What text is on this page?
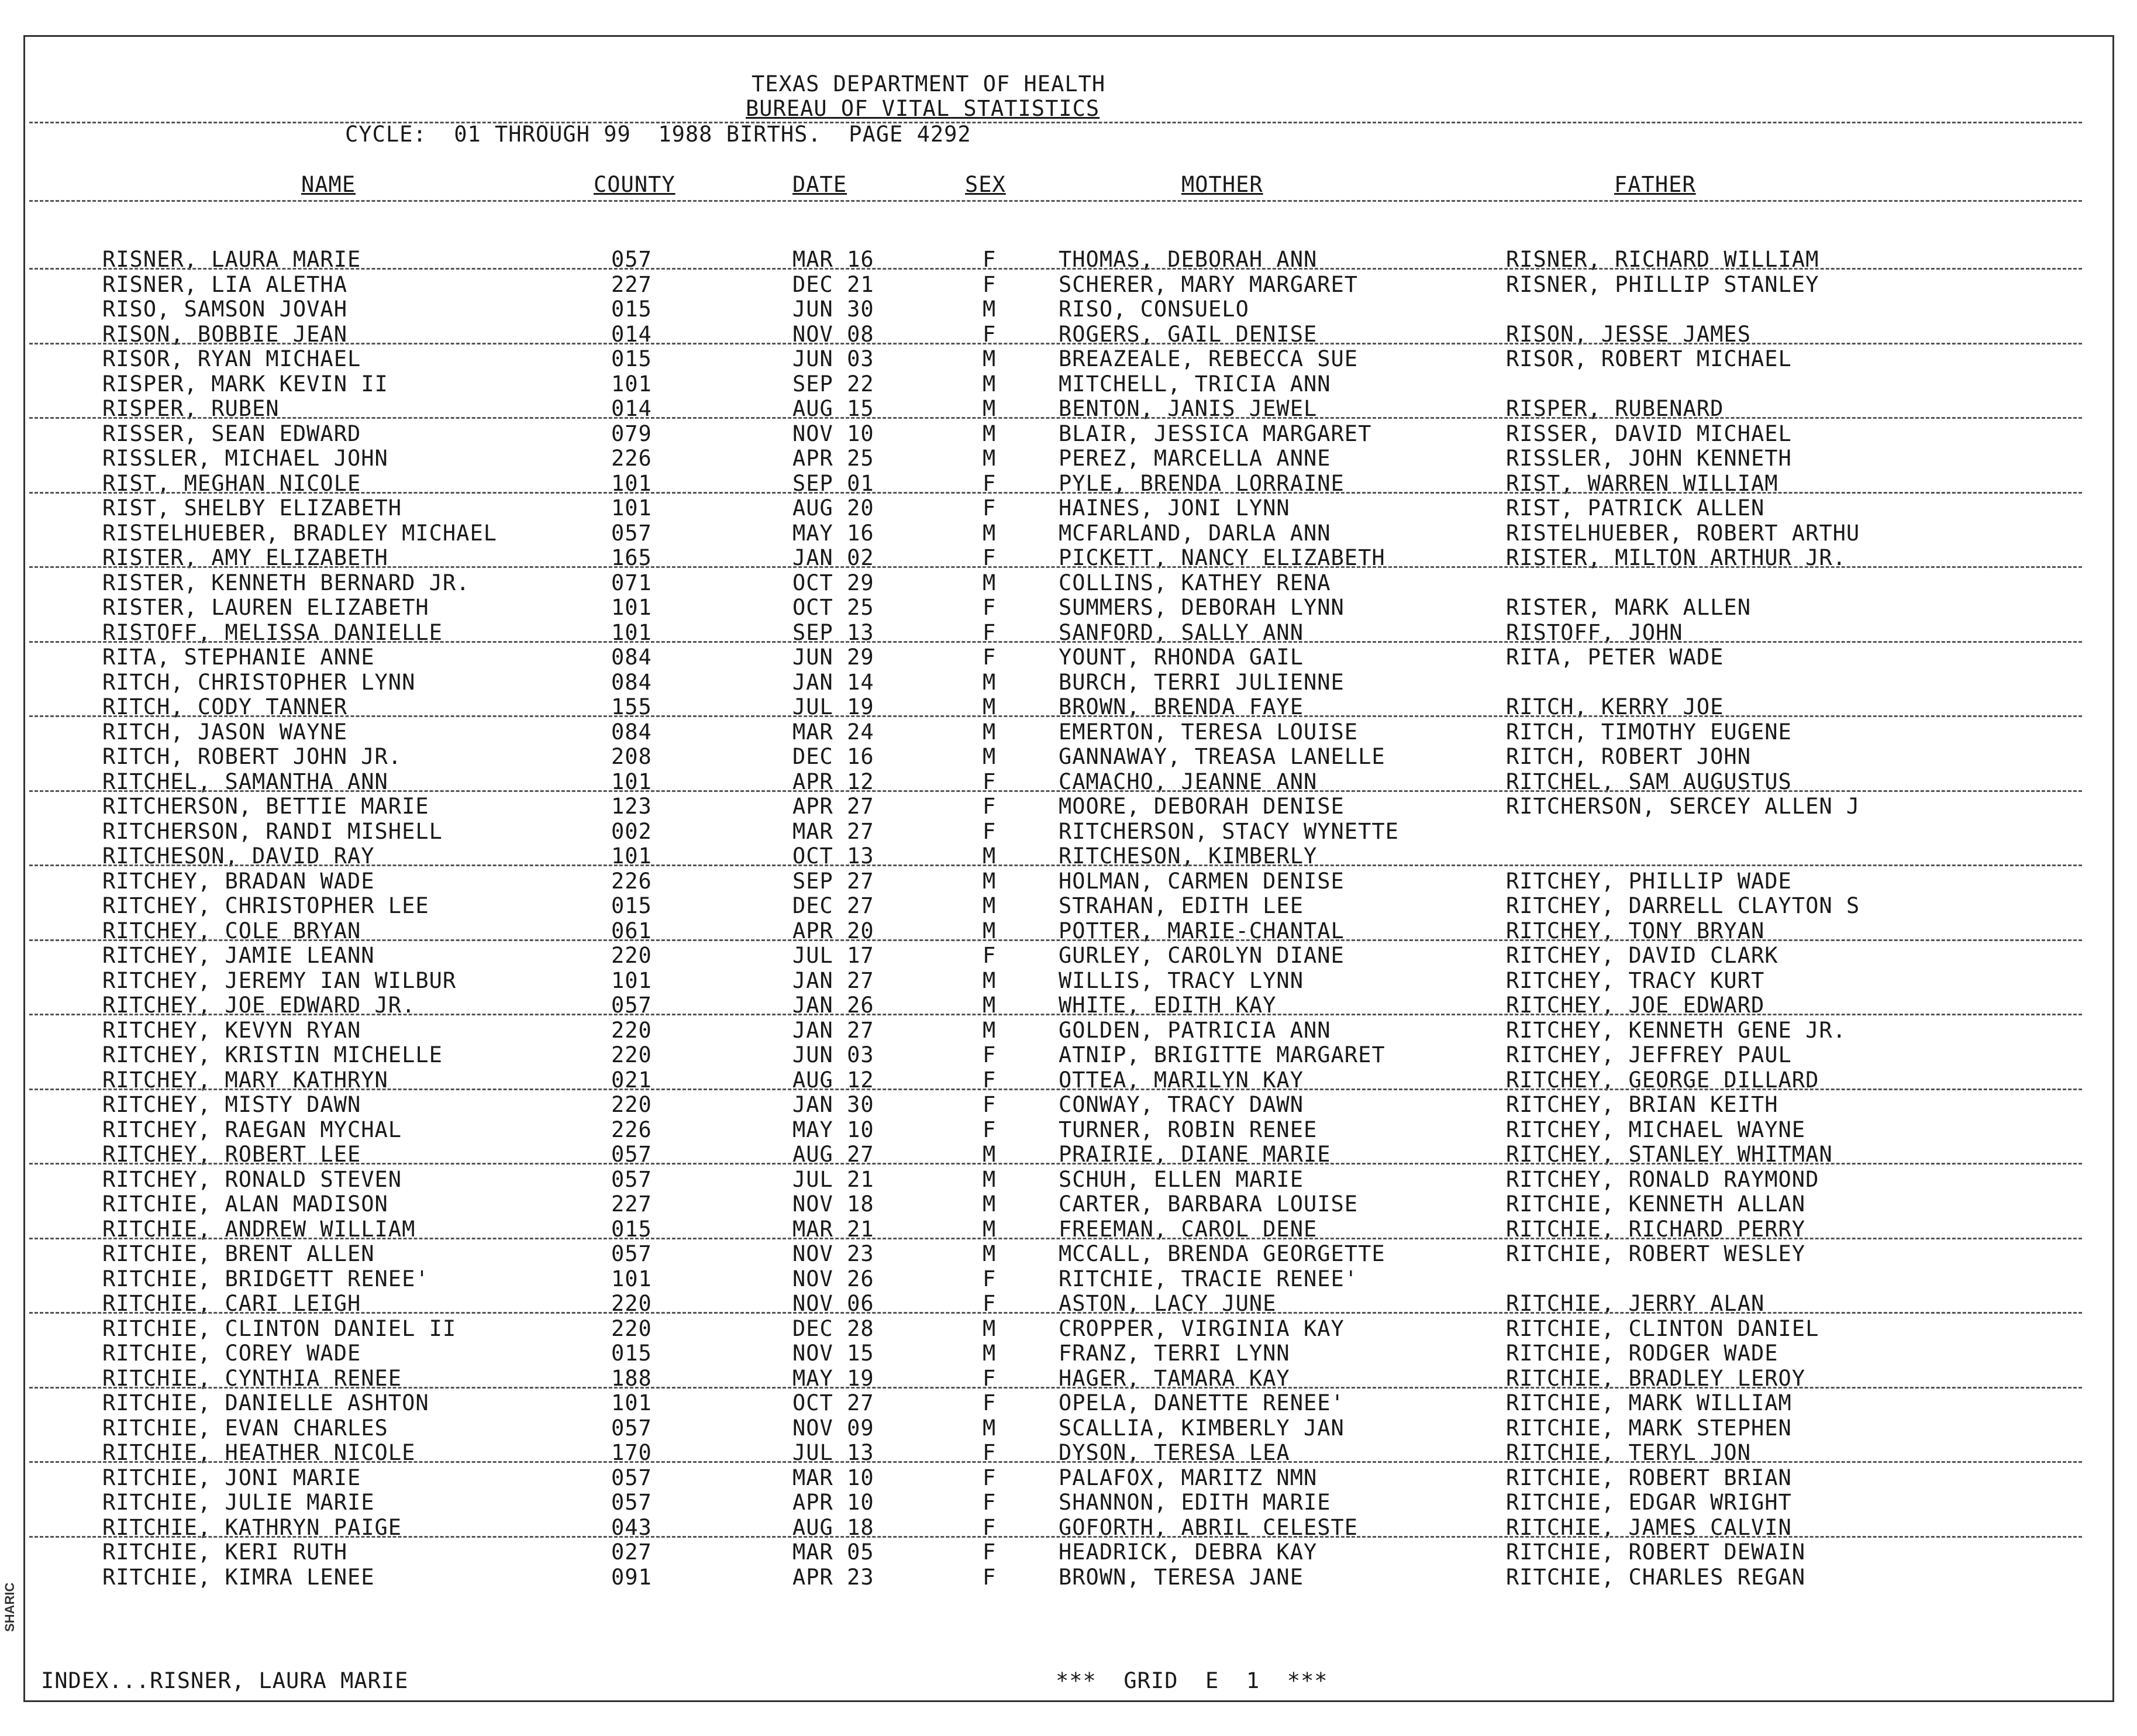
SHARIC
TEXAS DEPARTMENT OF HEALTH
BUREAU OF VITAL STATISTICS
CYCLE:  01 THROUGH 99  1988 BIRTHS.  PAGE 4292
NAME	COUNTY	DATE	SEX	MOTHER	FATHER
RISNER, LAURA MARIE	057	MAR 16	F	THOMAS, DEBORAH ANN	RISNER, RICHARD WILLIAM
RISNER, LIA ALETHA	227	DEC 21	F	SCHERER, MARY MARGARET	RISNER, PHILLIP STANLEY
RISO, SAMSON JOVAH	015	JUN 30	M	RISO, CONSUELO
RISON, BOBBIE JEAN	014	NOV 08	F	ROGERS, GAIL DENISE	RISON, JESSE JAMES
RISOR, RYAN MICHAEL	015	JUN 03	M	BREAZEALE, REBECCA SUE	RISOR, ROBERT MICHAEL
RISPER, MARK KEVIN II	101	SEP 22	M	MITCHELL, TRICIA ANN
RISPER, RUBEN	014	AUG 15	M	BENTON, JANIS JEWEL	RISPER, RUBENARD
RISSER, SEAN EDWARD	079	NOV 10	M	BLAIR, JESSICA MARGARET	RISSER, DAVID MICHAEL
RISSLER, MICHAEL JOHN	226	APR 25	M	PEREZ, MARCELLA ANNE	RISSLER, JOHN KENNETH
RIST, MEGHAN NICOLE	101	SEP 01	F	PYLE, BRENDA LORRAINE	RIST, WARREN WILLIAM
RIST, SHELBY ELIZABETH	101	AUG 20	F	HAINES, JONI LYNN	RIST, PATRICK ALLEN
RISTELHUEBER, BRADLEY MICHAEL	057	MAY 16	M	MCFARLAND, DARLA ANN	RISTELHUEBER, ROBERT ARTHU
RISTER, AMY ELIZABETH	165	JAN 02	F	PICKETT, NANCY ELIZABETH	RISTER, MILTON ARTHUR JR.
RISTER, KENNETH BERNARD JR.	071	OCT 29	M	COLLINS, KATHEY RENA
RISTER, LAUREN ELIZABETH	101	OCT 25	F	SUMMERS, DEBORAH LYNN	RISTER, MARK ALLEN
RISTOFF, MELISSA DANIELLE	101	SEP 13	F	SANFORD, SALLY ANN	RISTOFF, JOHN
RITA, STEPHANIE ANNE	084	JUN 29	F	YOUNT, RHONDA GAIL	RITA, PETER WADE
RITCH, CHRISTOPHER LYNN	084	JAN 14	M	BURCH, TERRI JULIENNE
RITCH, CODY TANNER	155	JUL 19	M	BROWN, BRENDA FAYE	RITCH, KERRY JOE
RITCH, JASON WAYNE	084	MAR 24	M	EMERTON, TERESA LOUISE	RITCH, TIMOTHY EUGENE
RITCH, ROBERT JOHN JR.	208	DEC 16	M	GANNAWAY, TREASA LANELLE	RITCH, ROBERT JOHN
RITCHEL, SAMANTHA ANN	101	APR 12	F	CAMACHO, JEANNE ANN	RITCHEL, SAM AUGUSTUS
RITCHERSON, BETTIE MARIE	123	APR 27	F	MOORE, DEBORAH DENISE	RITCHERSON, SERCEY ALLEN J
RITCHERSON, RANDI MISHELL	002	MAR 27	F	RITCHERSON, STACY WYNETTE
RITCHESON, DAVID RAY	101	OCT 13	M	RITCHESON, KIMBERLY
RITCHEY, BRADAN WADE	226	SEP 27	M	HOLMAN, CARMEN DENISE	RITCHEY, PHILLIP WADE
RITCHEY, CHRISTOPHER LEE	015	DEC 27	M	STRAHAN, EDITH LEE	RITCHEY, DARRELL CLAYTON S
RITCHEY, COLE BRYAN	061	APR 20	M	POTTER, MARIE-CHANTAL	RITCHEY, TONY BRYAN
RITCHEY, JAMIE LEANN	220	JUL 17	F	GURLEY, CAROLYN DIANE	RITCHEY, DAVID CLARK
RITCHEY, JEREMY IAN WILBUR	101	JAN 27	M	WILLIS, TRACY LYNN	RITCHEY, TRACY KURT
RITCHEY, JOE EDWARD JR.	057	JAN 26	M	WHITE, EDITH KAY	RITCHEY, JOE EDWARD
RITCHEY, KEVYN RYAN	220	JAN 27	M	GOLDEN, PATRICIA ANN	RITCHEY, KENNETH GENE JR.
RITCHEY, KRISTIN MICHELLE	220	JUN 03	F	ATNIP, BRIGITTE MARGARET	RITCHEY, JEFFREY PAUL
RITCHEY, MARY KATHRYN	021	AUG 12	F	OTTEA, MARILYN KAY	RITCHEY, GEORGE DILLARD
RITCHEY, MISTY DAWN	220	JAN 30	F	CONWAY, TRACY DAWN	RITCHEY, BRIAN KEITH
RITCHEY, RAEGAN MYCHAL	226	MAY 10	F	TURNER, ROBIN RENEE	RITCHEY, MICHAEL WAYNE
RITCHEY, ROBERT LEE	057	AUG 27	M	PRAIRIE, DIANE MARIE	RITCHEY, STANLEY WHITMAN
RITCHEY, RONALD STEVEN	057	JUL 21	M	SCHUH, ELLEN MARIE	RITCHEY, RONALD RAYMOND
RITCHIE, ALAN MADISON	227	NOV 18	M	CARTER, BARBARA LOUISE	RITCHIE, KENNETH ALLAN
RITCHIE, ANDREW WILLIAM	015	MAR 21	M	FREEMAN, CAROL DENE	RITCHIE, RICHARD PERRY
RITCHIE, BRENT ALLEN	057	NOV 23	M	MCCALL, BRENDA GEORGETTE	RITCHIE, ROBERT WESLEY
RITCHIE, BRIDGETT RENEE'	101	NOV 26	F	RITCHIE, TRACIE RENEE'
RITCHIE, CARI LEIGH	220	NOV 06	F	ASTON, LACY JUNE	RITCHIE, JERRY ALAN
RITCHIE, CLINTON DANIEL II	220	DEC 28	M	CROPPER, VIRGINIA KAY	RITCHIE, CLINTON DANIEL
RITCHIE, COREY WADE	015	NOV 15	M	FRANZ, TERRI LYNN	RITCHIE, RODGER WADE
RITCHIE, CYNTHIA RENEE	188	MAY 19	F	HAGER, TAMARA KAY	RITCHIE, BRADLEY LEROY
RITCHIE, DANIELLE ASHTON	101	OCT 27	F	OPELA, DANETTE RENEE'	RITCHIE, MARK WILLIAM
RITCHIE, EVAN CHARLES	057	NOV 09	M	SCALLIA, KIMBERLY JAN	RITCHIE, MARK STEPHEN
RITCHIE, HEATHER NICOLE	170	JUL 13	F	DYSON, TERESA LEA	RITCHIE, TERYL JON
RITCHIE, JONI MARIE	057	MAR 10	F	PALAFOX, MARITZ NMN	RITCHIE, ROBERT BRIAN
RITCHIE, JULIE MARIE	057	APR 10	F	SHANNON, EDITH MARIE	RITCHIE, EDGAR WRIGHT
RITCHIE, KATHRYN PAIGE	043	AUG 18	F	GOFORTH, ABRIL CELESTE	RITCHIE, JAMES CALVIN
RITCHIE, KERI RUTH	027	MAR 05	F	HEADRICK, DEBRA KAY	RITCHIE, ROBERT DEWAIN
RITCHIE, KIMRA LENEE	091	APR 23	F	BROWN, TERESA JANE	RITCHIE, CHARLES REGAN
INDEX...RISNER, LAURA MARIE	***  GRID  E  1  ***
